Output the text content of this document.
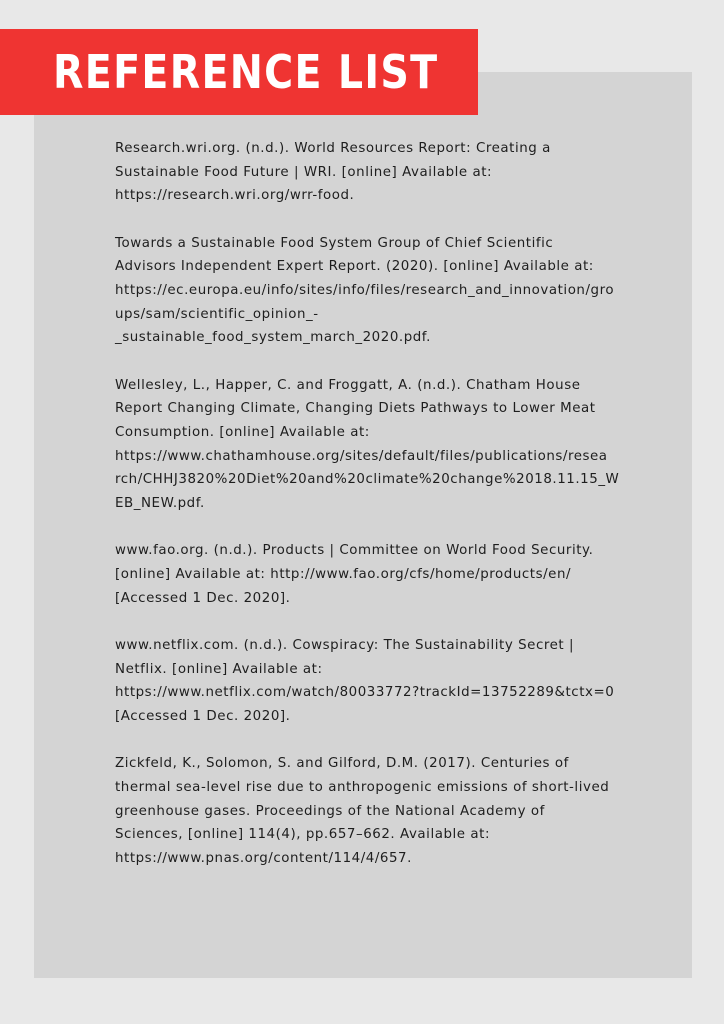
REFERENCE LIST
Research.wri.org. (n.d.). World Resources Report: Creating a
Sustainable Food Future | WRI. [online] Available at:
https://research.wri.org/wrr-food.
Towards a Sustainable Food System Group of Chief Scientific
Advisors Independent Expert Report. (2020). [online] Available at:
https://ec.europa.eu/info/sites/info/files/research_and_innovation/gro
ups/sam/scientific_opinion_-
_sustainable_food_system_march_2020.pdf.
Wellesley, L., Happer, C. and Froggatt, A. (n.d.). Chatham House
Report Changing Climate, Changing Diets Pathways to Lower Meat
Consumption. [online] Available at:
https://www.chathamhouse.org/sites/default/files/publications/resea
rch/CHHJ3820%20Diet%20and%20climate%20change%2018.11.15_W
EB_NEW.pdf.
www.fao.org. (n.d.). Products | Committee on World Food Security.
[online] Available at: http://www.fao.org/cfs/home/products/en/
[Accessed 1 Dec. 2020].
www.netflix.com. (n.d.). Cowspiracy: The Sustainability Secret |
Netflix. [online] Available at:
https://www.netflix.com/watch/80033772?trackId=13752289&tctx=0
[Accessed 1 Dec. 2020].
Zickfeld, K., Solomon, S. and Gilford, D.M. (2017). Centuries of
thermal sea-level rise due to anthropogenic emissions of short-lived
greenhouse gases. Proceedings of the National Academy of
Sciences, [online] 114(4), pp.657–662. Available at:
https://www.pnas.org/content/114/4/657.
